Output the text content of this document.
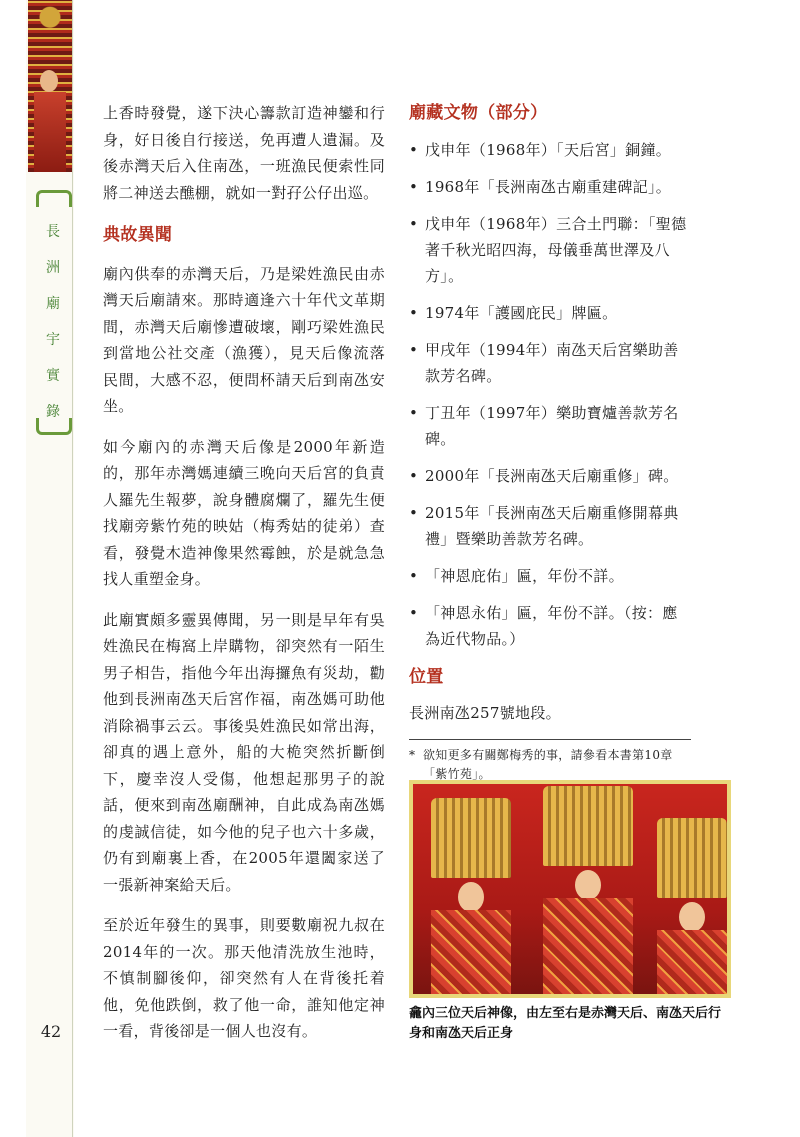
長
洲
廟
宇
實
錄
42

上香時發覺，遂下決心籌款訂造神鑾和行身，好日後自行接送，免再遭人遺漏。及後赤灣天后入住南氹，一班漁民便索性同將二神送去醮棚，就如一對孖公仔出巡。

典故異聞

廟內供奉的赤灣天后，乃是梁姓漁民由赤灣天后廟請來。那時適逢六十年代文革期間，赤灣天后廟慘遭破壞，剛巧梁姓漁民到當地公社交產（漁獲），見天后像流落民間，大感不忍，便問杯請天后到南氹安坐。

如今廟內的赤灣天后像是2000年新造的，那年赤灣媽連續三晚向天后宮的負責人羅先生報夢，說身體腐爛了，羅先生便找廟旁紫竹苑的映姑（梅秀姑的徒弟）查看，發覺木造神像果然霉蝕，於是就急急找人重塑金身。

此廟實頗多靈異傳聞，另一則是早年有吳姓漁民在梅窩上岸購物，卻突然有一陌生男子相告，指他今年出海攞魚有災劫，勸他到長洲南氹天后宮作福，南氹媽可助他消除禍事云云。事後吳姓漁民如常出海，卻真的遇上意外，船的大桅突然折斷倒下，慶幸沒人受傷，他想起那男子的說話，便來到南氹廟酬神，自此成為南氹媽的虔誠信徒，如今他的兒子也六十多歲，仍有到廟裏上香，在2005年還闔家送了一張新神案給天后。

至於近年發生的異事，則要數廟祝九叔在2014年的一次。那天他清洗放生池時，不慎制腳後仰，卻突然有人在背後托着他，免他跌倒，救了他一命，誰知他定神一看，背後卻是一個人也沒有。

廟藏文物（部分）
• 戊申年（1968年）「天后宮」銅鐘。
• 1968年「長洲南氹古廟重建碑記」。
• 戊申年（1968年）三合土門聯：「聖德著千秋光昭四海，母儀垂萬世澤及八方」。
• 1974年「護國庇民」牌匾。
• 甲戌年（1994年）南氹天后宮樂助善款芳名碑。
• 丁丑年（1997年）樂助寶爐善款芳名碑。
• 2000年「長洲南氹天后廟重修」碑。
• 2015年「長洲南氹天后廟重修開幕典禮」暨樂助善款芳名碑。
• 「神恩庇佑」匾，年份不詳。
• 「神恩永佑」匾，年份不詳。（按：應為近代物品。）
位置
長洲南氹257號地段。
* 欲知更多有關鄭梅秀的事，請參看本書第10章「紫竹苑」。
龕內三位天后神像，由左至右是赤灣天后、南氹天后行身和南氹天后正身
